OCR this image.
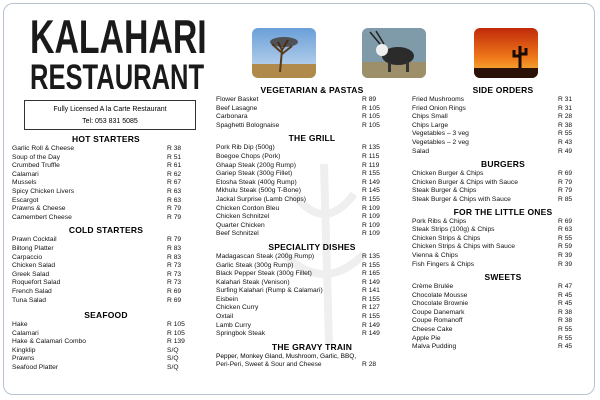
KALAHARI
RESTAURANT
Fully Licensed A la Carte Restaurant
Tel: 053 831 5085
HOT STARTERS
Garlic Roll & Cheese	R 38
Soup of the Day	R 51
Crumbed Truffle	R 61
Calamari	R 62
Mussels	R 67
Spicy Chicken Livers	R 63
Escargot	R 63
Prawns & Cheese	R 79
Camembert Cheese	R 79
COLD STARTERS
Prawn Cocktail	R 79
Biltong Platter	R 83
Carpaccio	R 83
Chicken Salad	R 73
Greek Salad	R 73
Roquefort Salad	R 73
French Salad	R 69
Tuna Salad	R 69
SEAFOOD
Hake	R 105
Calamari	R 105
Hake & Calamari Combo	R 139
Kingklip	S/Q
Prawns	S/Q
Seafood Platter	S/Q
VEGETARIAN & PASTAS
Flower Basket	R 89
Beef Lasagne	R 105
Carbonara	R 105
Spaghetti Bolognaise	R 105
THE GRILL
Pork Rib Dip (500g)	R 135
Boegoe Chops (Pork)	R 115
Ghaap Steak (200g Rump)	R 119
Gariep Steak (300g Fillet)	R 155
Etosha Steak (400g Rump)	R 149
Mkhulu Steak (500g T-Bone)	R 145
Jackal Surprise (Lamb Chops)	R 155
Chicken Cordon Bleu	R 109
Chicken Schnitzel	R 109
Quarter Chicken	R 109
Beef Schnitzel	R 109
SPECIALITY DISHES
Madagascan Steak (200g Rump)	R 135
Garlic Steak (300g Rump)	R 155
Black Pepper Steak (300g Fillet)	R 165
Kalahari Steak (Venison)	R 149
Surfing Kalahari (Rump & Calamari)	R 141
Eisbein	R 155
Chicken Curry	R 127
Oxtail	R 155
Lamb Curry	R 149
Springbok Steak	R 149
THE GRAVY TRAIN
Pepper, Monkey Gland, Mushroom, Garlic, BBQ,
Peri-Peri, Sweet & Sour and Cheese	R 28
SIDE ORDERS
Fried Mushrooms	R 31
Fried Onion Rings	R 31
Chips Small	R 28
Chips Large	R 38
Vegetables – 3 veg	R 55
Vegetables – 2 veg	R 43
Salad	R 49
BURGERS
Chicken Burger & Chips	R 69
Chicken Burger & Chips with Sauce	R 79
Steak Burger & Chips	R 79
Steak Burger & Chips with Sauce	R 85
FOR THE LITTLE ONES
Pork Ribs & Chips	R 69
Steak Strips (100g) & Chips	R 63
Chicken Strips & Chips	R 55
Chicken Strips & Chips with Sauce	R 59
Vienna & Chips	R 39
Fish Fingers & Chips	R 39
SWEETS
Crème Brulée	R 47
Chocolate Mousse	R 45
Chocolate Brownie	R 45
Coupe Danemark	R 38
Coupe Romanoff	R 38
Cheese Cake	R 55
Apple Pie	R 55
Malva Pudding	R 45
